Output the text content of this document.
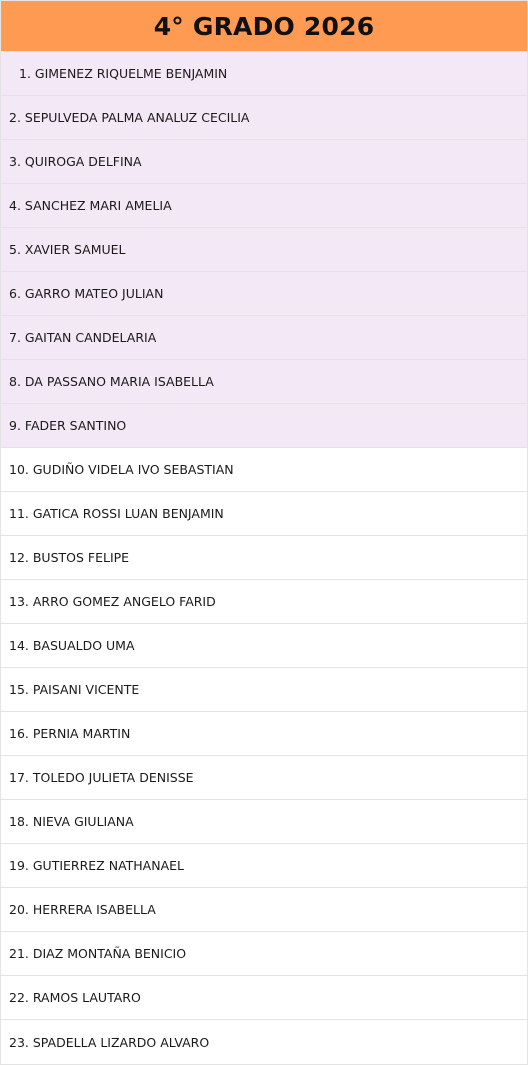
4° GRADO 2026
1. GIMENEZ RIQUELME BENJAMIN
2. SEPULVEDA PALMA ANALUZ CECILIA
3. QUIROGA DELFINA
4. SANCHEZ MARI AMELIA
5. XAVIER SAMUEL
6. GARRO MATEO JULIAN
7. GAITAN CANDELARIA
8. DA PASSANO MARIA ISABELLA
9. FADER SANTINO
10. GUDIÑO VIDELA IVO SEBASTIAN
11. GATICA ROSSI LUAN BENJAMIN
12. BUSTOS FELIPE
13. ARRO GOMEZ ANGELO FARID
14. BASUALDO UMA
15. PAISANI VICENTE
16. PERNIA MARTIN
17. TOLEDO JULIETA DENISSE
18. NIEVA GIULIANA
19. GUTIERREZ NATHANAEL
20. HERRERA ISABELLA
21. DIAZ MONTAÑA BENICIO
22. RAMOS LAUTARO
23. SPADELLA LIZARDO ALVARO
